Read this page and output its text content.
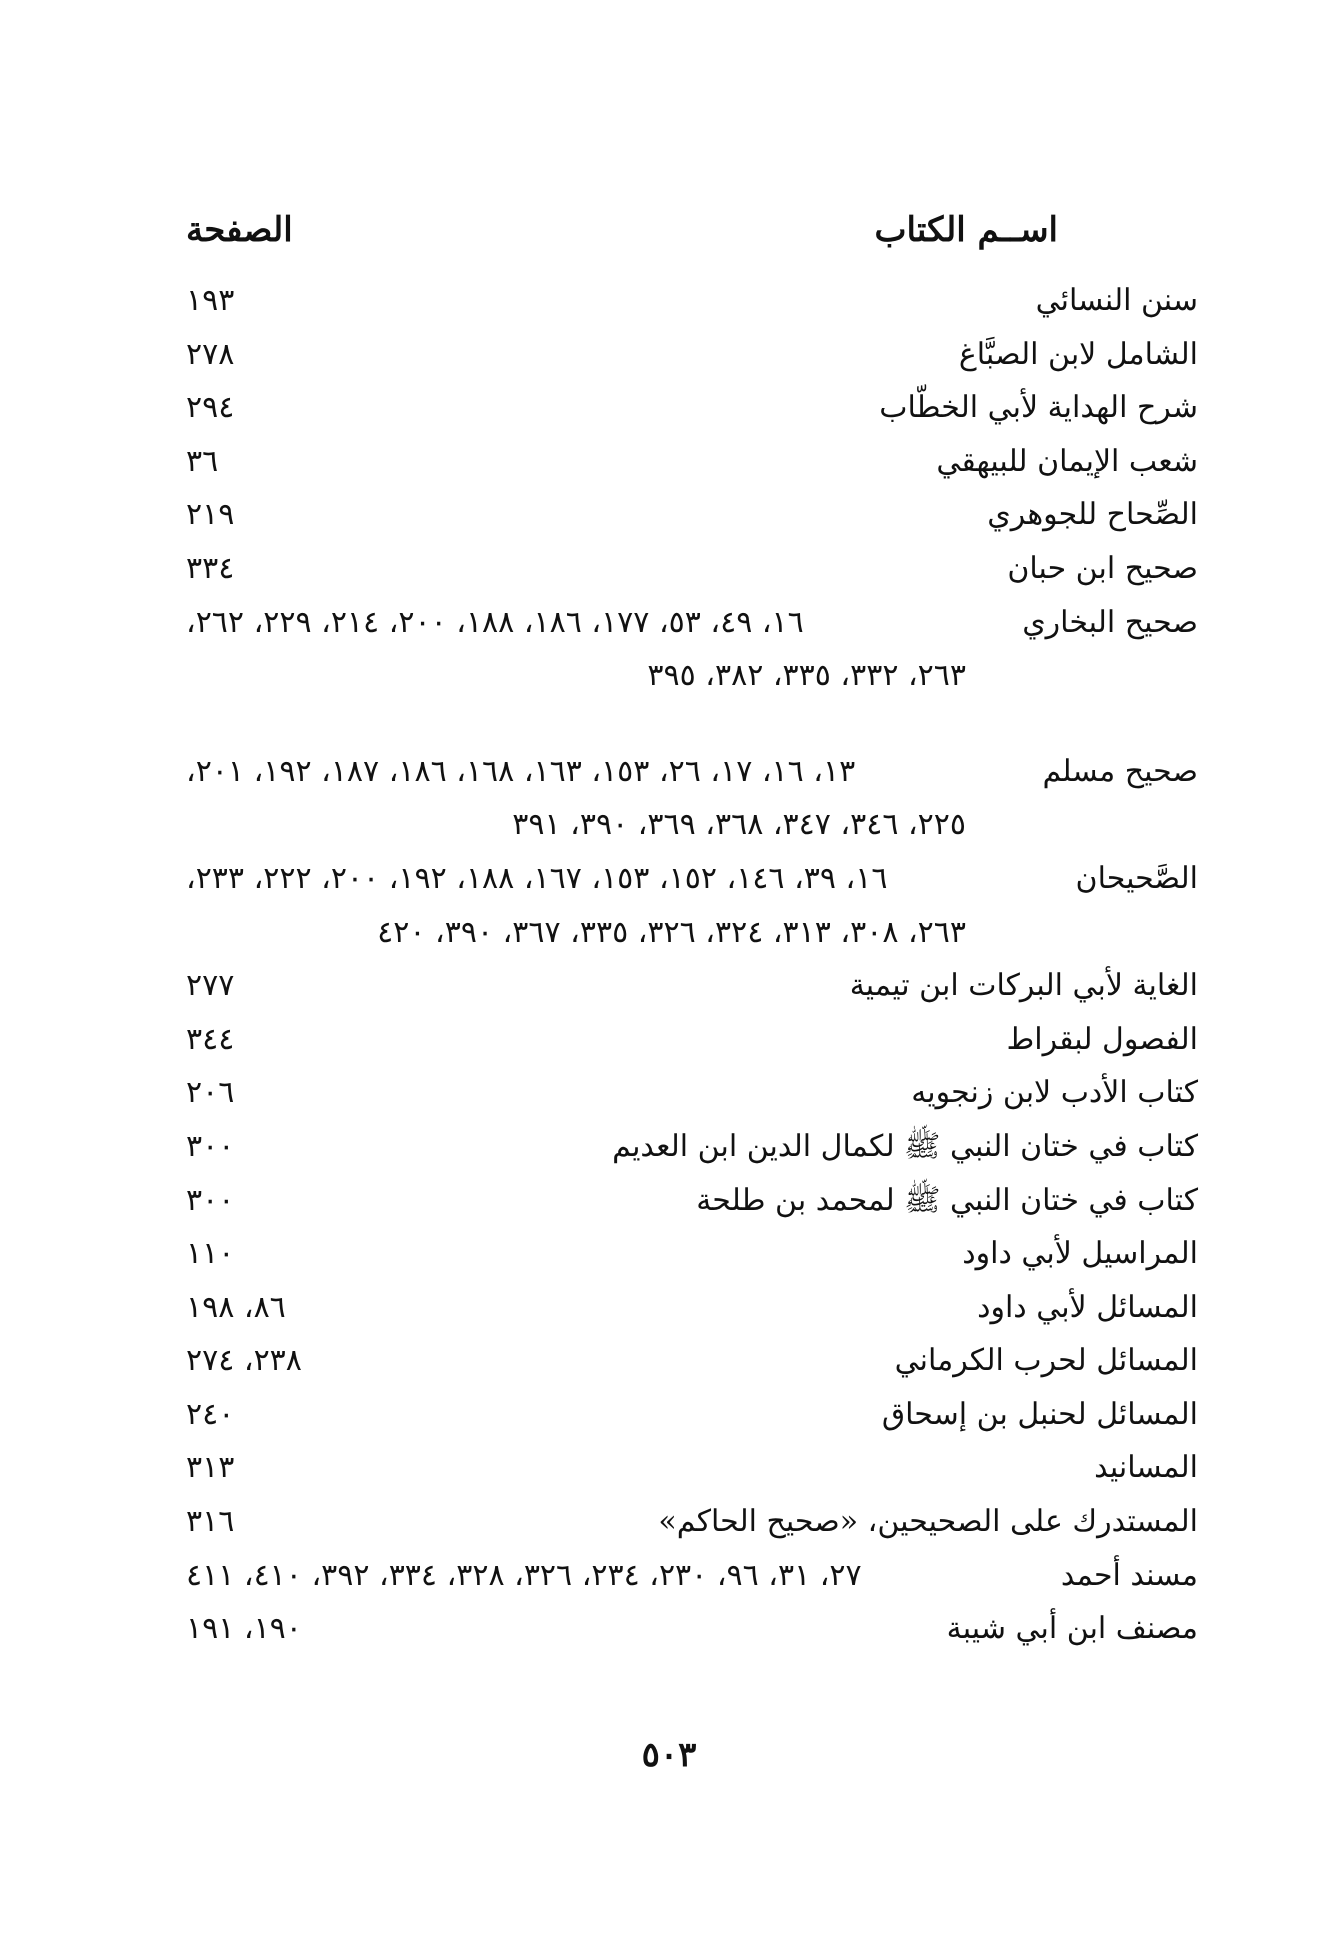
اســم الكتاب
الصفحة
سنن النسائي
١٩٣
الشامل لابن الصبَّاغ
٢٧٨
شرح الهداية لأبي الخطّاب
٢٩٤
شعب الإيمان للبيهقي
٣٦
الصِّحاح للجوهري
٢١٩
صحيح ابن حبان
٣٣٤
صحيح البخاري
١٦، ٤٩، ٥٣، ١٧٧، ١٨٦، ١٨٨، ٢٠٠، ٢١٤، ٢٢٩، ٢٦٢،
٢٦٣، ٣٣٢، ٣٣٥، ٣٨٢، ٣٩٥
صحيح مسلم
١٣، ١٦، ١٧، ٢٦، ١٥٣، ١٦٣، ١٦٨، ١٨٦، ١٨٧، ١٩٢، ٢٠١،
٢٢٥، ٣٤٦، ٣٤٧، ٣٦٨، ٣٦٩، ٣٩٠، ٣٩١
الصَّحيحان
١٦، ٣٩، ١٤٦، ١٥٢، ١٥٣، ١٦٧، ١٨٨، ١٩٢، ٢٠٠، ٢٢٢، ٢٣٣،
٢٦٣، ٣٠٨، ٣١٣، ٣٢٤، ٣٢٦، ٣٣٥، ٣٦٧، ٣٩٠، ٤٢٠
الغاية لأبي البركات ابن تيمية
٢٧٧
الفصول لبقراط
٣٤٤
كتاب الأدب لابن زنجويه
٢٠٦
كتاب في ختان النبي ﷺ لكمال الدين ابن العديم
٣٠٠
كتاب في ختان النبي ﷺ لمحمد بن طلحة
٣٠٠
المراسيل لأبي داود
١١٠
المسائل لأبي داود
٨٦، ١٩٨
المسائل لحرب الكرماني
٢٣٨، ٢٧٤
المسائل لحنبل بن إسحاق
٢٤٠
المسانيد
٣١٣
المستدرك على الصحيحين، «صحيح الحاكم»
٣١٦
مسند أحمد
٢٧، ٣١، ٩٦، ٢٣٠، ٢٣٤، ٣٢٦، ٣٢٨، ٣٣٤، ٣٩٢، ٤١٠، ٤١١
مصنف ابن أبي شيبة
١٩٠، ١٩١
٥٠٣
